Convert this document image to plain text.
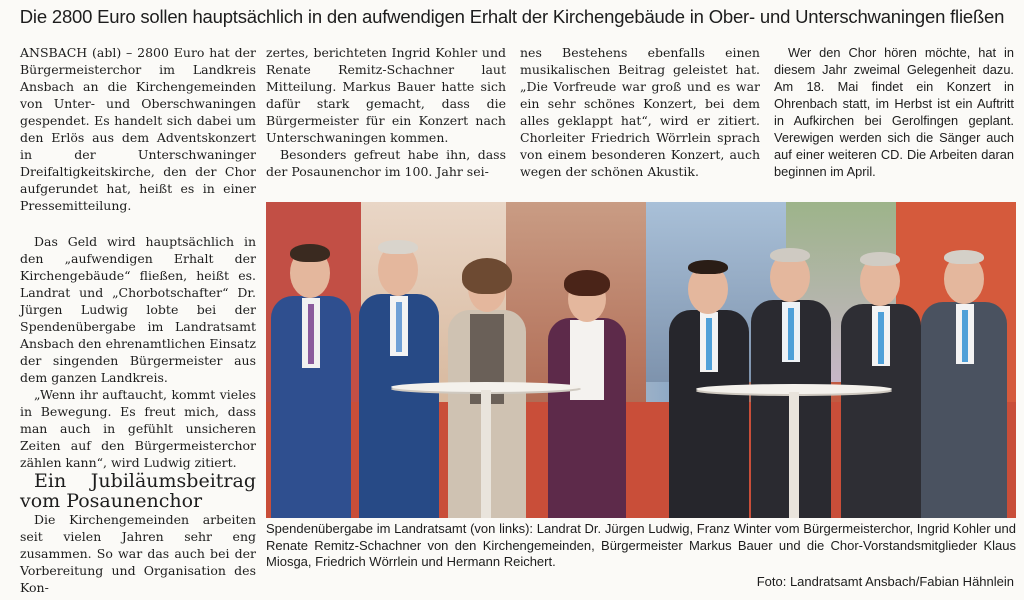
Die 2800 Euro sollen hauptsächlich in den aufwendigen Erhalt der Kirchengebäude in Ober- und Unterschwaningen fließen

ANSBACH (abl) – 2800 Euro hat der Bürgermeisterchor im Landkreis Ansbach an die Kirchengemeinden von Unter- und Oberschwaningen gespendet. Es handelt sich dabei um den Erlös aus dem Adventskonzert in der Unterschwaninger Dreifaltigkeitskirche, den der Chor aufgerundet hat, heißt es in einer Pressemitteilung.

Das Geld wird hauptsächlich in den „aufwendigen Erhalt der Kirchengebäude“ fließen, heißt es. Landrat und „Chorbotschafter“ Dr. Jürgen Ludwig lobte bei der Spendenübergabe im Landratsamt Ansbach den ehrenamtlichen Einsatz der singenden Bürgermeister aus dem ganzen Landkreis.

„Wenn ihr auftaucht, kommt vieles in Bewegung. Es freut mich, dass man auch in gefühlt unsicheren Zeiten auf den Bürgermeisterchor zählen kann“, wird Ludwig zitiert.

Ein Jubiläumsbeitrag vom Posaunenchor

Die Kirchengemeinden arbeiten seit vielen Jahren sehr eng zusammen. So war das auch bei der Vorbereitung und Organisation des Kon-

zertes, berichteten Ingrid Kohler und Renate Remitz-Schachner laut Mitteilung. Markus Bauer hatte sich dafür stark gemacht, dass die Bürgermeister für ein Konzert nach Unterschwaningen kommen.

Besonders gefreut habe ihn, dass der Posaunenchor im 100. Jahr sei-

nes Bestehens ebenfalls einen musikalischen Beitrag geleistet hat. „Die Vorfreude war groß und es war ein sehr schönes Konzert, bei dem alles geklappt hat“, wird er zitiert. Chorleiter Friedrich Wörrlein sprach von einem besonderen Konzert, auch wegen der schönen Akustik.

Wer den Chor hören möchte, hat in diesem Jahr zweimal Gelegenheit dazu. Am 18. Mai findet ein Konzert in Ohrenbach statt, im Herbst ist ein Auftritt in Aufkirchen bei Gerolfingen geplant. Verewigen werden sich die Sänger auch auf einer weiteren CD. Die Arbeiten daran beginnen im April.

Spendenübergabe im Landratsamt (von links): Landrat Dr. Jürgen Ludwig, Franz Winter vom Bürgermeisterchor, Ingrid Kohler und Renate Remitz-Schachner von den Kirchengemeinden, Bürgermeister Markus Bauer und die Chor-Vorstandsmitglieder Klaus Miosga, Friedrich Wörrlein und Hermann Reichert.
Foto: Landratsamt Ansbach/Fabian Hähnlein
